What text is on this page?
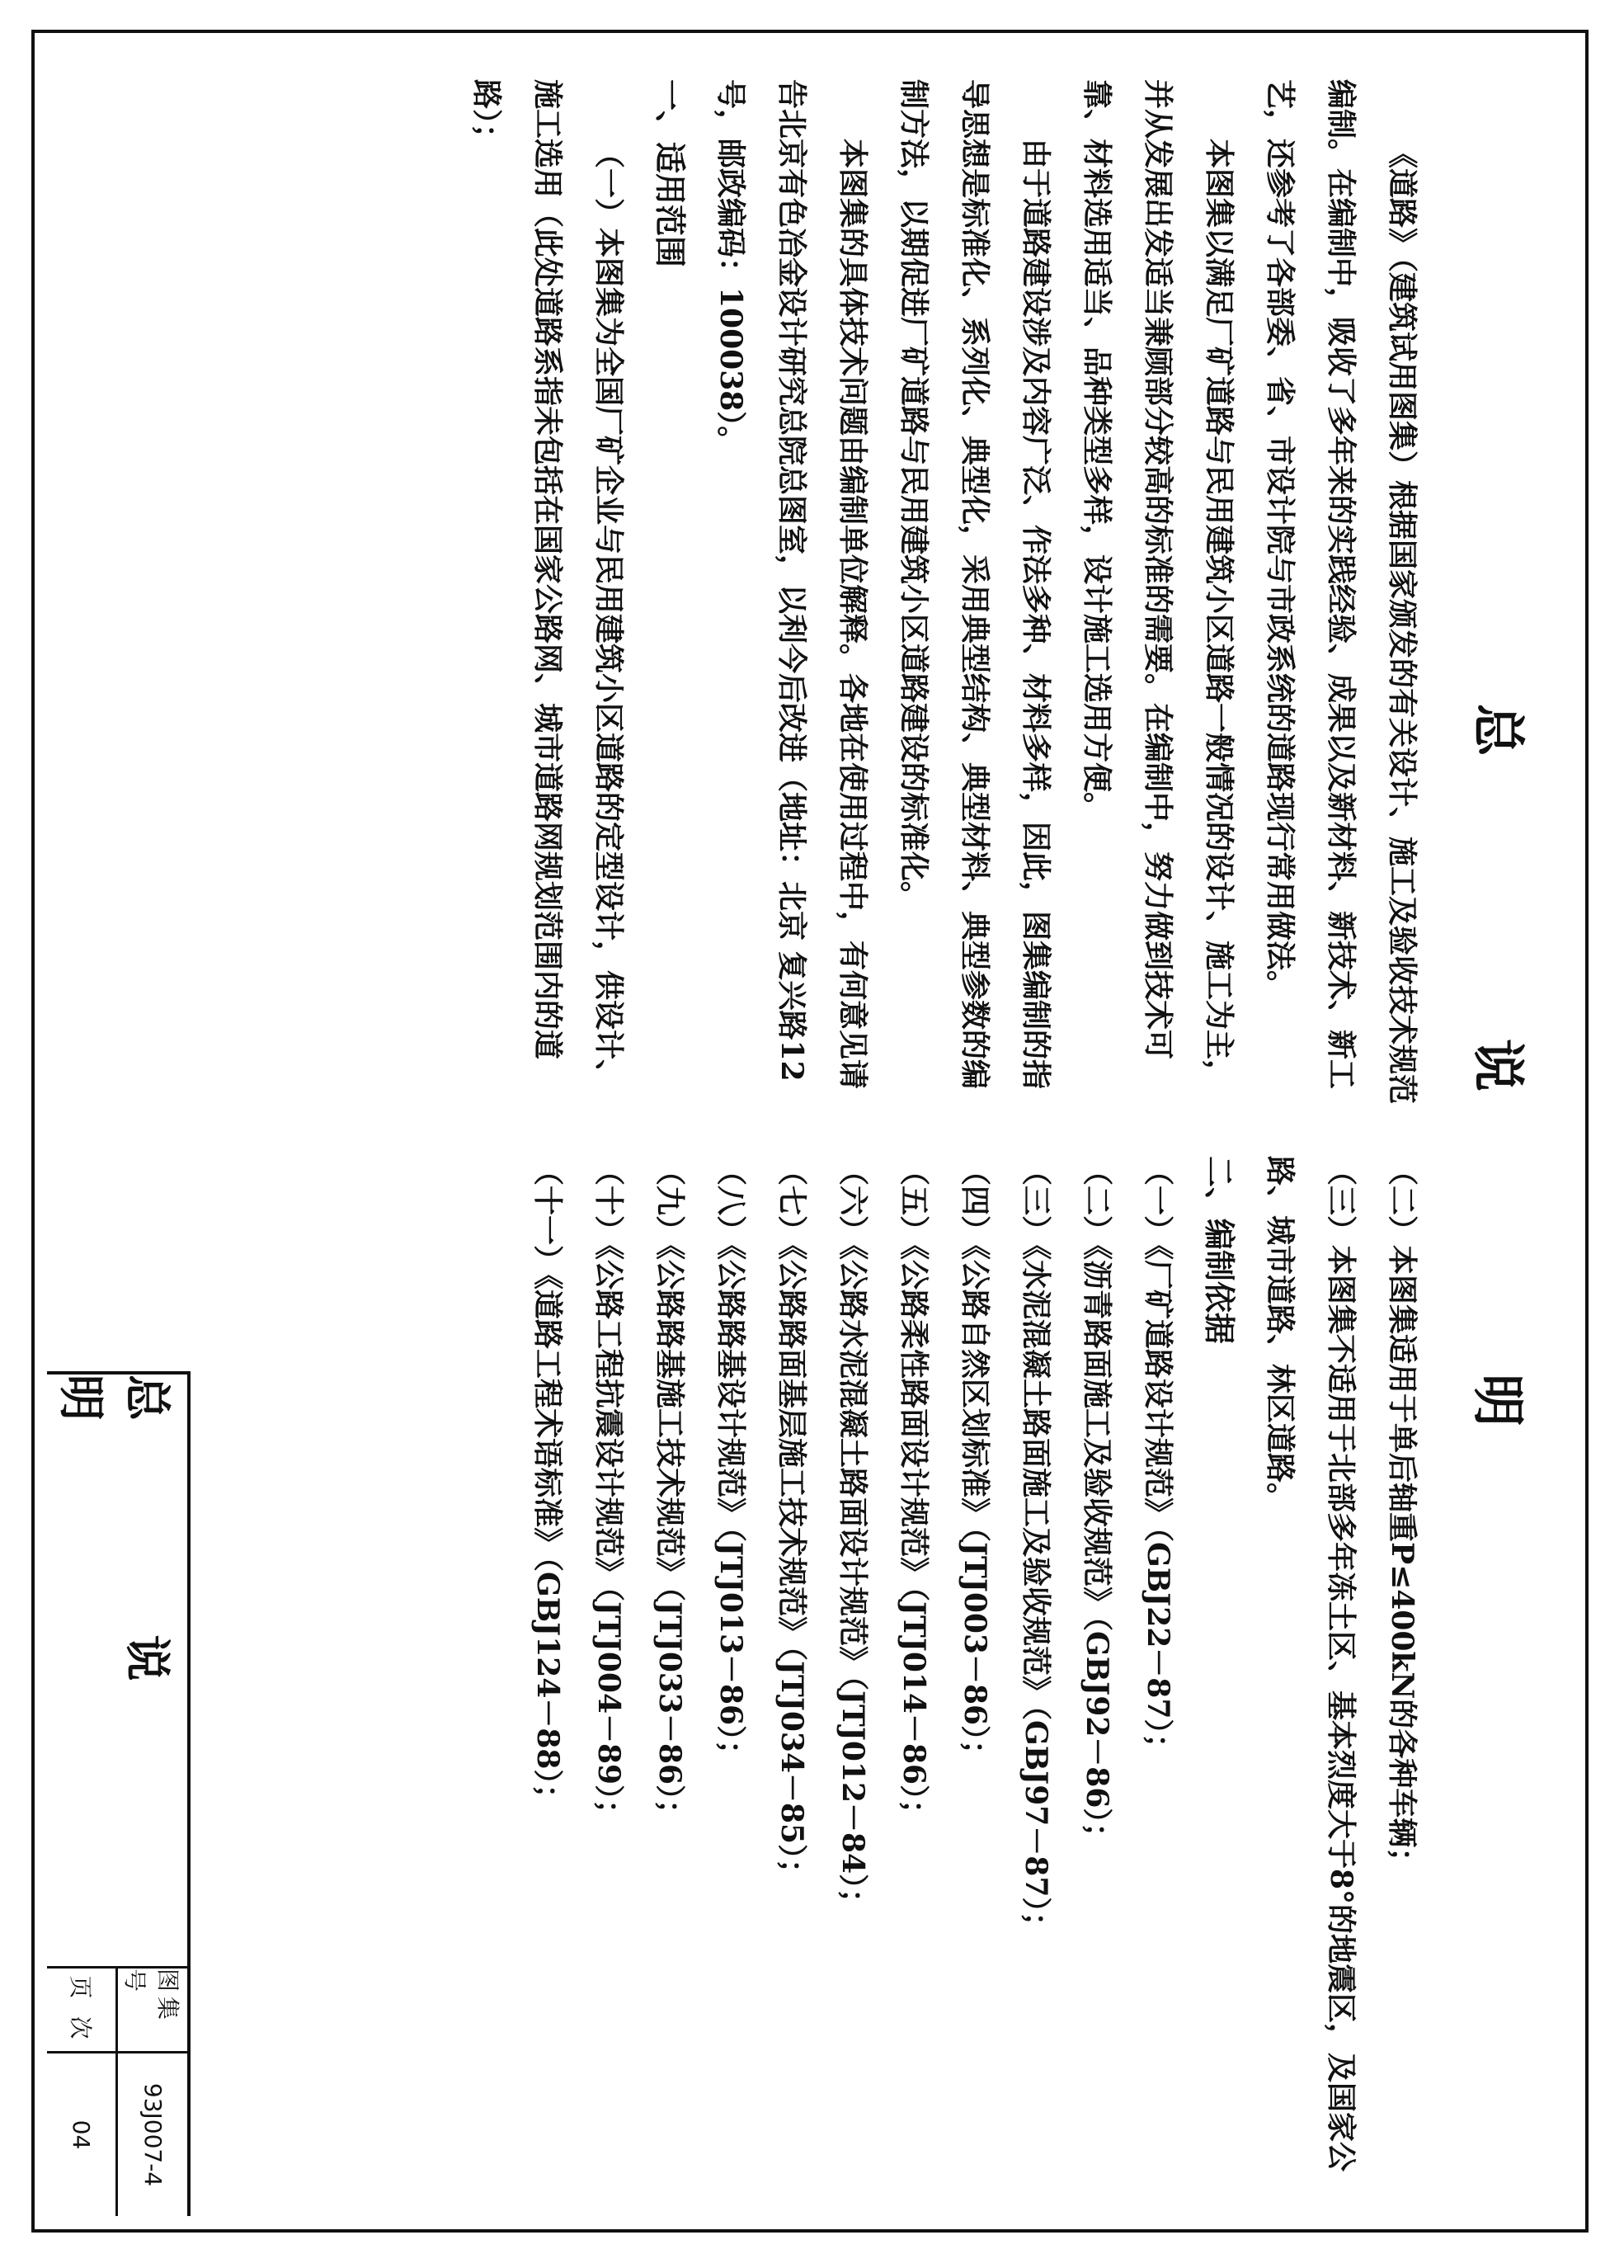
总 说 明

《道路》（建筑试用图集）根据国家颁发的有关设计、施工及验收技术规范编制。在编制中，吸收了多年来的实践经验、成果以及新材料、新技术、新工艺，还参考了各部委、省、市设计院与市政系统的道路现行常用做法。

本图集以满足厂矿道路与民用建筑小区道路一般情况的设计、施工为主，并从发展出发适当兼顾部分较高的标准的需要。在编制中，努力做到技术可靠、材料选用适当、品种类型多样，设计施工选用方便。

由于道路建设涉及内容广泛、作法多种、材料多样，因此，图集编制的指导思想是标准化、系列化、典型化，采用典型结构、典型材料、典型参数的编制方法，以期促进厂矿道路与民用建筑小区道路建设的标准化。

本图集的具体技术问题由编制单位解释。各地在使用过程中，有何意见请告北京有色冶金设计研究总院总图室，以利今后改进（地址：北京 复兴路12号，邮政编码：100038）。

一、适用范围

（一）本图集为全国厂矿企业与民用建筑小区道路的定型设计，供设计、施工选用（此处道路系指未包括在国家公路网、城市道路网规划范围内的道路）；

（二）本图集适用于单后轴重P≤400kN的各种车辆；

（三）本图集不适用于北部多年冻土区、基本烈度大于8°的地震区，及国家公路、城市道路、林区道路。

二、编制依据

（一）《厂矿道路设计规范》（GBJ22－87）；

（二）《沥青路面施工及验收规范》（GBJ92－86）；

（三）《水泥混凝土路面施工及验收规范》（GBJ97－87）；

（四）《公路自然区划标准》（JTJ003－86）；

（五）《公路柔性路面设计规范》（JTJ014－86）；

（六）《公路水泥混凝土路面设计规范》（JTJ012－84）；

（七）《公路路面基层施工技术规范》（JTJ034－85）；

（八）《公路路基设计规范》（JTJ013－86）；

（九）《公路路基施工技术规范》（JTJ033－86）；

（十）《公路工程抗震设计规范》（JTJ004－89）；

（十一）《道路工程术语标准》（GBJ124－88）；

总 说 明
图集号
93J007-4
页 次
04
